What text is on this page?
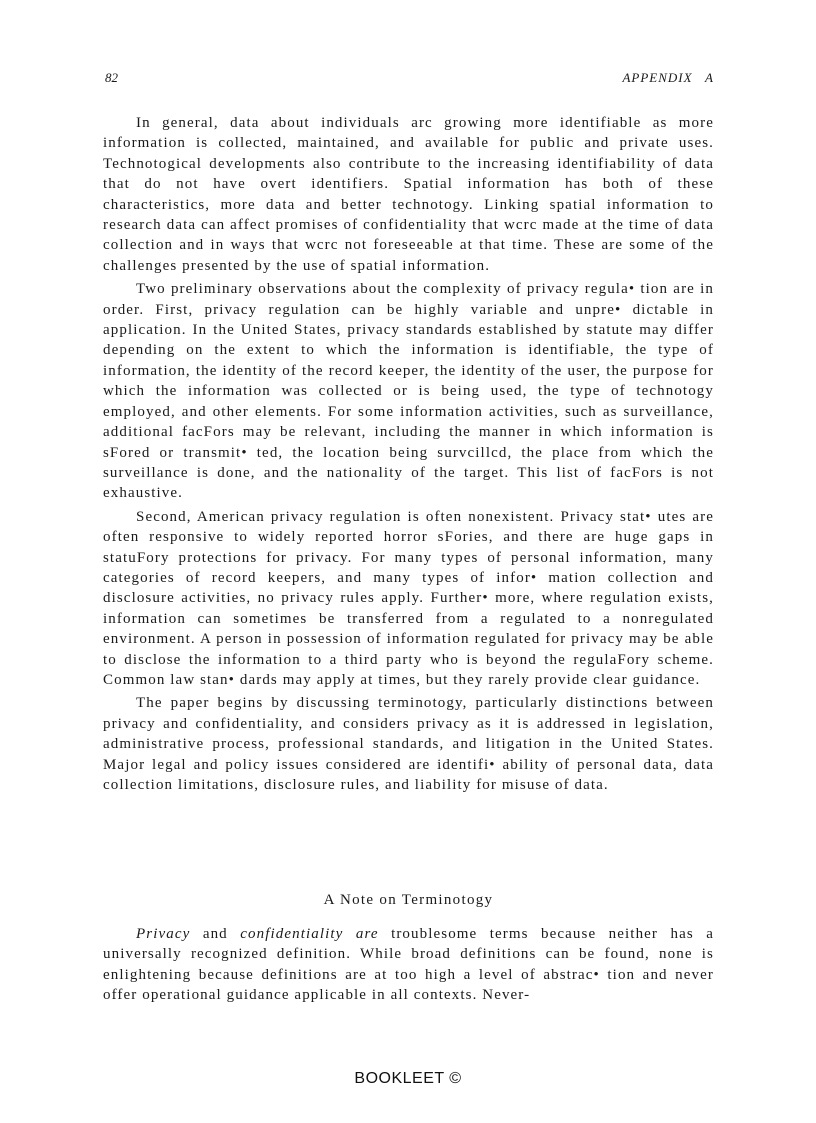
82	APPENDIX   A

In general, data about individuals arc growing more identifiable as more information is collected, maintained, and available for public and private uses. Technotogical developments also contribute to the increasing identifiability of data that do not have overt identifiers. Spatial information has both of these characteristics, more data and better technotogy. Linking spatial information to research data can affect promises of confidentiality that wcrc made at the time of data collection and in ways that wcrc not foreseeable at that time. These are some of the challenges presented by the use of spatial information.

Two preliminary observations about the complexity of privacy regula• tion are in order. First, privacy regulation can be highly variable and unpre• dictable in application. In the United States, privacy standards established by statute may differ depending on the extent to which the information is identifiable, the type of information, the identity of the record keeper, the identity of the user, the purpose for which the information was collected or is being used, the type of technotogy employed, and other elements. For some information activities, such as surveillance, additional facFors may be relevant, including the manner in which information is sFored or transmit• ted, the location being survcillcd, the place from which the surveillance is done, and the nationality of the target. This list of facFors is not exhaustive.

Second, American privacy regulation is often nonexistent. Privacy stat• utes are often responsive to widely reported horror sFories, and there are huge gaps in statuFory protections for privacy. For many types of personal information, many categories of record keepers, and many types of infor• mation collection and disclosure activities, no privacy rules apply. Further• more, where regulation exists, information can sometimes be transferred from a regulated to a nonregulated environment. A person in possession of information regulated for privacy may be able to disclose the information to a third party who is beyond the regulaFory scheme. Common law stan• dards may apply at times, but they rarely provide clear guidance.

The paper begins by discussing terminotogy, particularly distinctions between privacy and confidentiality, and considers privacy as it is addressed in legislation, administrative process, professional standards, and litigation in the United States. Major legal and policy issues considered are identifi• ability of personal data, data collection limitations, disclosure rules, and liability for misuse of data.

A Note on Terminotogy

Privacy and confidentiality are troublesome terms because neither has a universally recognized definition. While broad definitions can be found, none is enlightening because definitions are at too high a level of abstrac• tion and never offer operational guidance applicable in all contexts. Never-

BOOKLEET ©
